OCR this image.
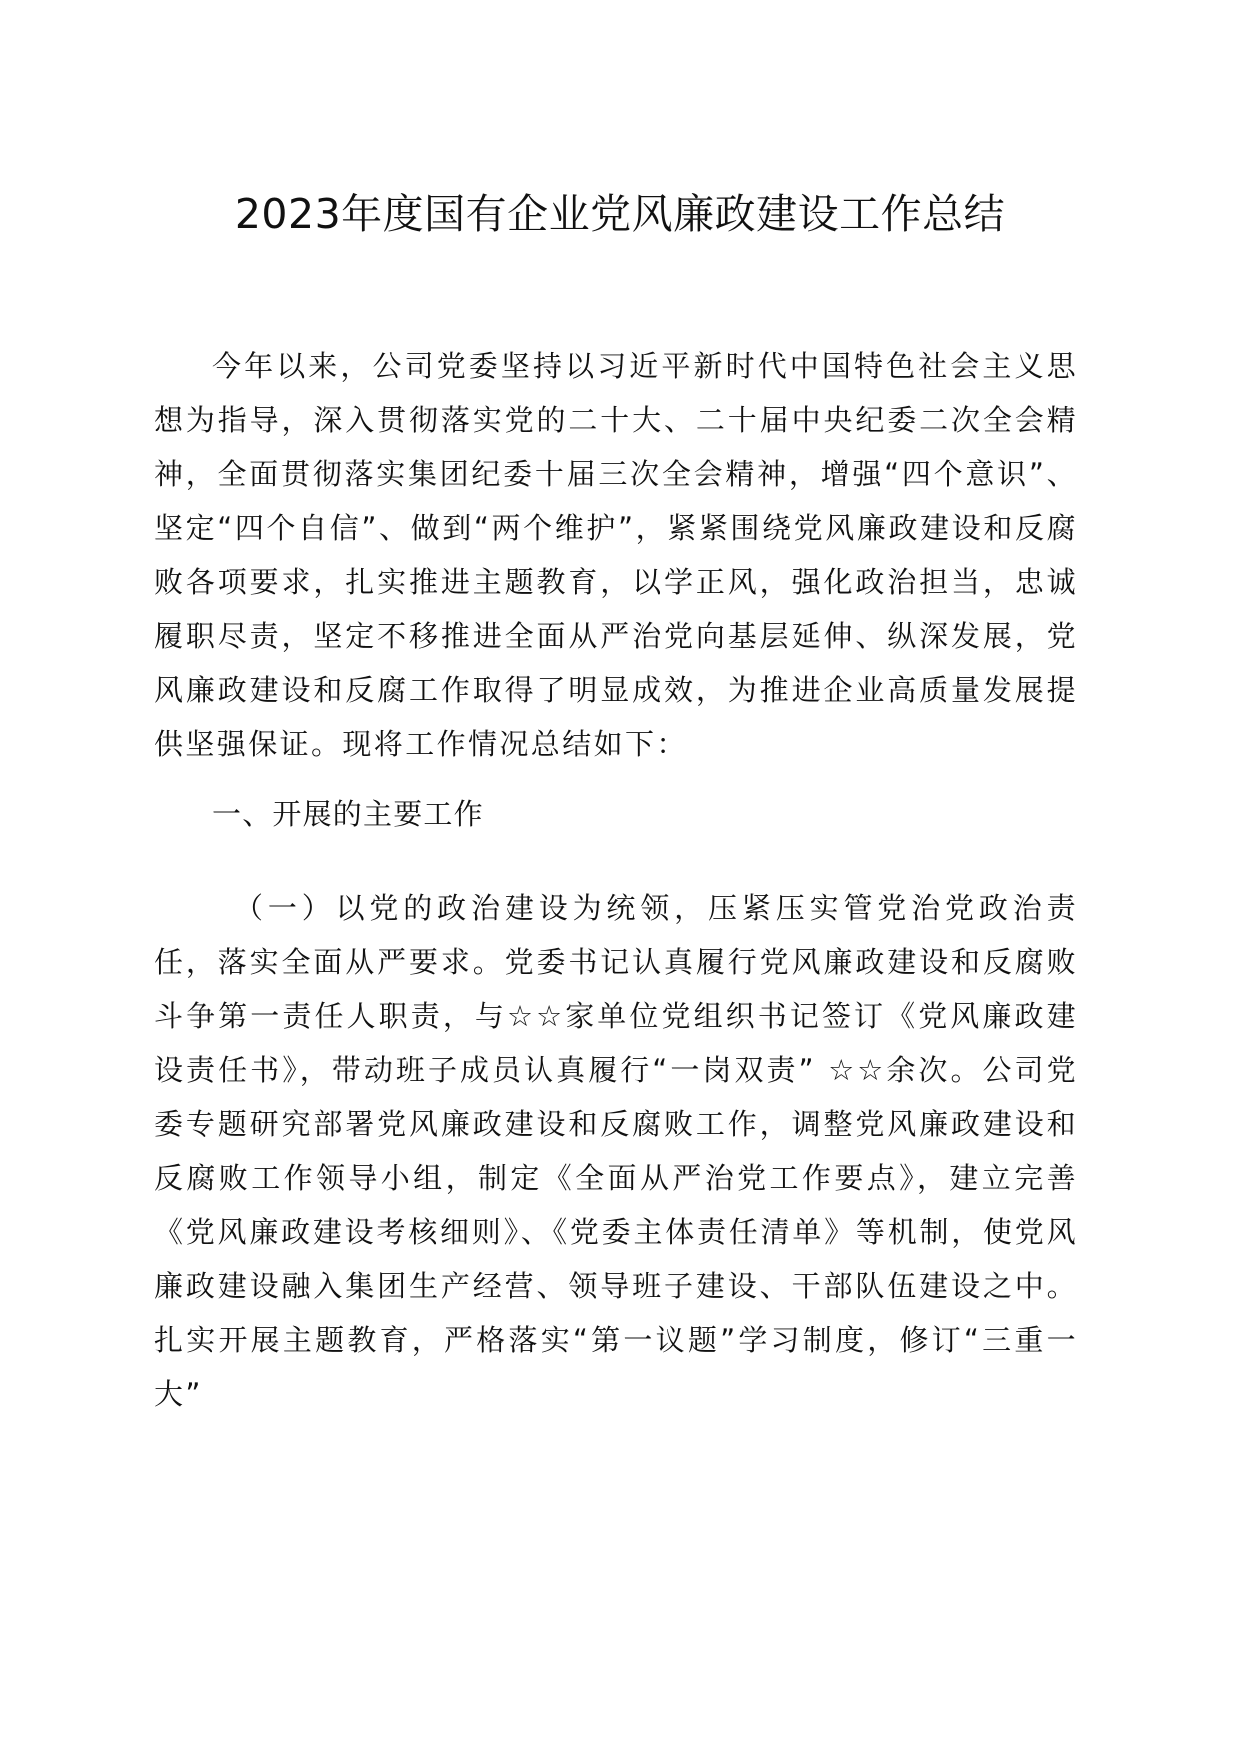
2023年度国有企业党风廉政建设工作总结

今年以来，公司党委坚持以习近平新时代中国特色社会主义思想为指导，深入贯彻落实党的二十大、二十届中央纪委二次全会精神，全面贯彻落实集团纪委十届三次全会精神，增强“四个意识”、坚定“四个自信”、做到“两个维护”，紧紧围绕党风廉政建设和反腐败各项要求，扎实推进主题教育，以学正风，强化政治担当，忠诚履职尽责，坚定不移推进全面从严治党向基层延伸、纵深发展，党风廉政建设和反腐工作取得了明显成效，为推进企业高质量发展提供坚强保证。现将工作情况总结如下：

一、开展的主要工作

（一）以党的政治建设为统领，压紧压实管党治党政治责任，落实全面从严要求。党委书记认真履行党风廉政建设和反腐败斗争第一责任人职责，与☆☆家单位党组织书记签订《党风廉政建设责任书》，带动班子成员认真履行“一岗双责” ☆☆余次。公司党委专题研究部署党风廉政建设和反腐败工作，调整党风廉政建设和反腐败工作领导小组，制定《全面从严治党工作要点》，建立完善《党风廉政建设考核细则》、《党委主体责任清单》等机制，使党风廉政建设融入集团生产经营、领导班子建设、干部队伍建设之中。扎实开展主题教育，严格落实“第一议题”学习制度，修订“三重一大”
